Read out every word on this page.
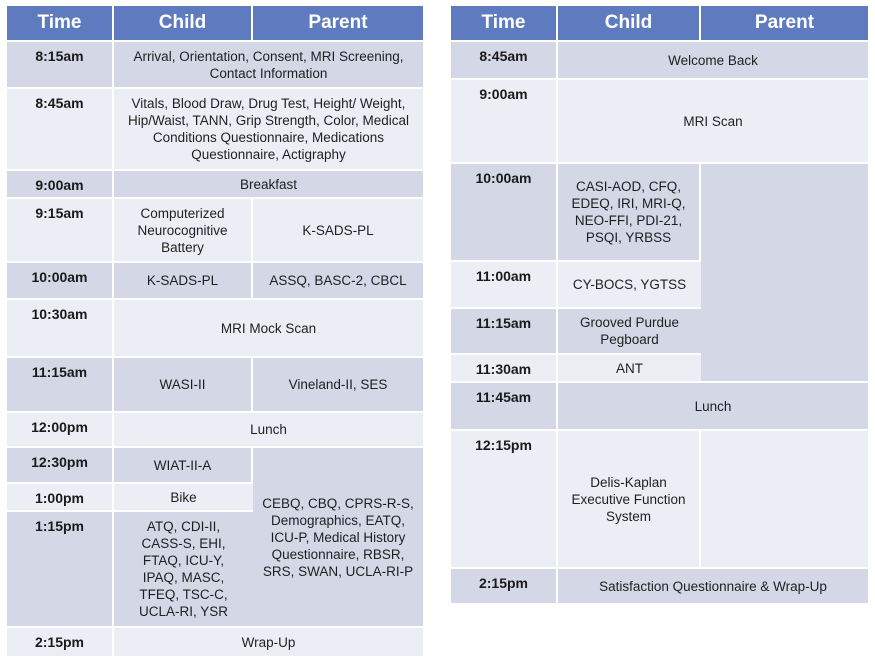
Time	Child	Parent
8:15am	Arrival, Orientation, Consent, MRI Screening, Contact Information	
8:45am	Vitals, Blood Draw, Drug Test, Height/ Weight, Hip/Waist, TANN, Grip Strength, Color, Medical Conditions Questionnaire, Medications Questionnaire, Actigraphy	
9:00am	Breakfast	
9:15am	Computerized Neurocognitive Battery	K-SADS-PL
10:00am	K-SADS-PL	ASSQ, BASC-2, CBCL
10:30am	MRI Mock Scan	
11:15am	WASI-II	Vineland-II, SES
12:00pm	Lunch	
12:30pm	WIAT-II-A	CEBQ, CBQ, CPRS-R-S, Demographics, EATQ, ICU-P, Medical History Questionnaire, RBSR, SRS, SWAN, UCLA-RI-P
1:00pm	Bike	
1:15pm	ATQ, CDI-II, CASS-S, EHI, FTAQ, ICU-Y, IPAQ, MASC, TFEQ, TSC-C, UCLA-RI, YSR	
2:15pm	Wrap-Up	
Time	Child	Parent
8:45am	Welcome Back	
9:00am	MRI Scan	
10:00am	CASI-AOD, CFQ, EDEQ, IRI, MRI-Q, NEO-FFI, PDI-21, PSQI, YRBSS	
11:00am	CY-BOCS, YGTSS	
11:15am	Grooved Purdue Pegboard	
11:30am	ANT	
11:45am	Lunch	
12:15pm	Delis-Kaplan Executive Function System	
2:15pm	Satisfaction Questionnaire & Wrap-Up	
